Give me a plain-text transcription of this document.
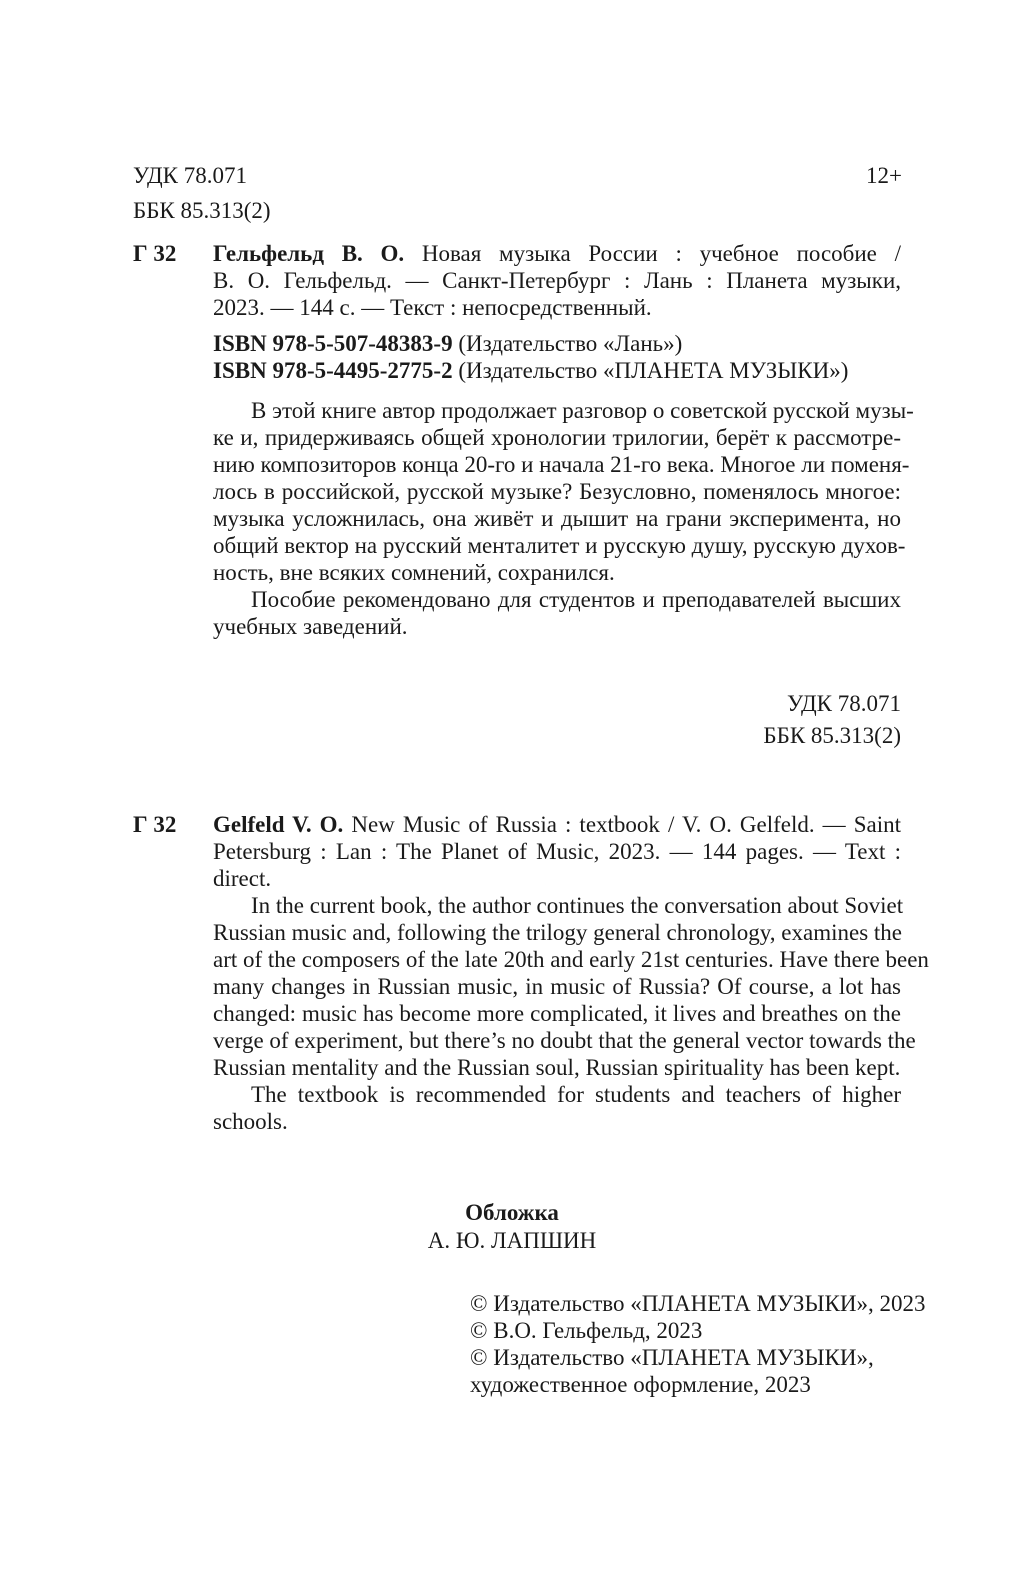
УДК 78.071	12+
ББК 85.313(2)
Г 32 Гельфельд В. О. Новая музыка России : учебное пособие /
В. О. Гельфельд. — Санкт-Петербург : Лань : Планета музыки,
2023. — 144 с. — Текст : непосредственный.
ISBN 978-5-507-48383-9 (Издательство «Лань»)
ISBN 978-5-4495-2775-2 (Издательство «ПЛАНЕТА МУЗЫКИ»)
В этой книге автор продолжает разговор о советской русской музы-
ке и, придерживаясь общей хронологии трилогии, берёт к рассмотре-
нию композиторов конца 20-го и начала 21-го века. Многое ли поменя-
лось в российской, русской музыке? Безусловно, поменялось многое:
музыка усложнилась, она живёт и дышит на грани эксперимента, но
общий вектор на русский менталитет и русскую душу, русскую духов-
ность, вне всяких сомнений, сохранился.
Пособие рекомендовано для студентов и преподавателей высших
учебных заведений.
УДК 78.071
ББК 85.313(2)
Г 32 Gelfeld V. O. New Music of Russia : textbook / V. O. Gelfeld. — Saint
Petersburg : Lan : The Planet of Music, 2023. — 144 pages. — Text :
direct.
In the current book, the author continues the conversation about Soviet
Russian music and, following the trilogy general chronology, examines the
art of the composers of the late 20th and early 21st centuries. Have there been
many changes in Russian music, in music of Russia? Of course, a lot has
changed: music has become more complicated, it lives and breathes on the
verge of experiment, but there’s no doubt that the general vector towards the
Russian mentality and the Russian soul, Russian spirituality has been kept.
The textbook is recommended for students and teachers of higher
schools.
Обложка
А. Ю. ЛАПШИН
© Издательство «ПЛАНЕТА МУЗЫКИ», 2023
© В.О. Гельфельд, 2023
© Издательство «ПЛАНЕТА МУЗЫКИ»,
художественное оформление, 2023
